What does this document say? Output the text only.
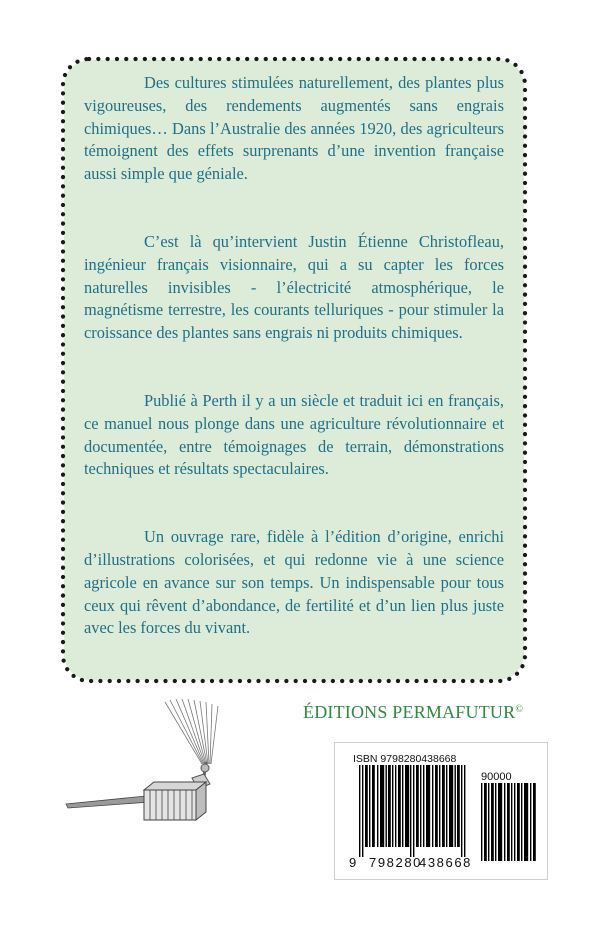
Des cultures stimulées naturellement, des plantes plus vigoureuses, des rendements augmentés sans engrais chimiques… Dans l’Australie des années 1920, des agriculteurs témoignent des effets surprenants d’une invention française aussi simple que géniale.

C’est là qu’intervient Justin Étienne Christofleau, ingénieur français visionnaire, qui a su capter les forces naturelles invisibles - l’électricité atmosphérique, le magnétisme terrestre, les courants telluriques - pour stimuler la croissance des plantes sans engrais ni produits chimiques.

Publié à Perth il y a un siècle et traduit ici en français, ce manuel nous plonge dans une agriculture révolutionnaire et documentée, entre témoignages de terrain, démonstrations techniques et résultats spectaculaires.

Un ouvrage rare, fidèle à l’édition d’origine, enrichi d’illustrations colorisées, et qui redonne vie à une science agricole en avance sur son temps. Un indispensable pour tous ceux qui rêvent d’abondance, de fertilité et d’un lien plus juste avec les forces du vivant.

ÉDITIONS PERMAFUTUR©
ISBN 9798280438668
90000
9 798280
438668
